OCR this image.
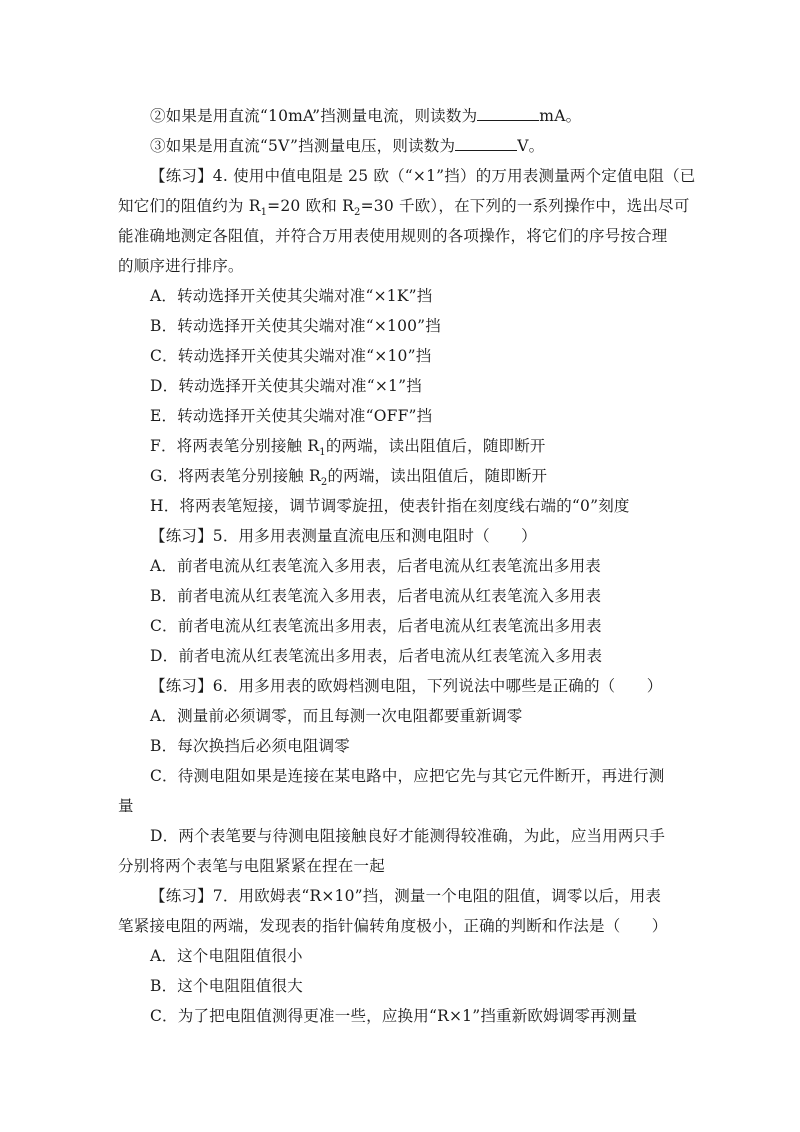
②如果是用直流“10mA”挡测量电流，则读数为	mA。
③如果是用直流“5V”挡测量电压，则读数为	V。
【练习】4. 使用中值电阻是 25 欧（“×1”挡）的万用表测量两个定值电阻（已
知它们的阻值约为 $R_1=20$ 欧和 $R_2=30$ 千欧），在下列的一系列操作中，选出尽可
能准确地测定各阻值，并符合万用表使用规则的各项操作，将它们的序号按合理
的顺序进行排序。
A．转动选择开关使其尖端对准“×1K”挡
B．转动选择开关使其尖端对准“×100”挡
C．转动选择开关使其尖端对准“×10”挡
D．转动选择开关使其尖端对准“×1”挡
E．转动选择开关使其尖端对准“OFF”挡
F．将两表笔分别接触 $R_1$的两端，读出阻值后，随即断开
G．将两表笔分别接触 $R_2$的两端，读出阻值后，随即断开
H．将两表笔短接，调节调零旋扭，使表针指在刻度线右端的“0”刻度
【练习】5．用多用表测量直流电压和测电阻时（　　）
A．前者电流从红表笔流入多用表，后者电流从红表笔流出多用表
B．前者电流从红表笔流入多用表，后者电流从红表笔流入多用表
C．前者电流从红表笔流出多用表，后者电流从红表笔流出多用表
D．前者电流从红表笔流出多用表，后者电流从红表笔流入多用表
【练习】6．用多用表的欧姆档测电阻，下列说法中哪些是正确的（　　）
A．测量前必须调零，而且每测一次电阻都要重新调零
B．每次换挡后必须电阻调零
C．待测电阻如果是连接在某电路中，应把它先与其它元件断开，再进行测
量
D．两个表笔要与待测电阻接触良好才能测得较准确，为此，应当用两只手
分别将两个表笔与电阻紧紧在捏在一起
【练习】7．用欧姆表“R×10”挡，测量一个电阻的阻值，调零以后，用表
笔紧接电阻的两端，发现表的指针偏转角度极小，正确的判断和作法是（　　）
A．这个电阻阻值很小
B．这个电阻阻值很大
C．为了把电阻值测得更准一些，应换用“R×1”挡重新欧姆调零再测量
